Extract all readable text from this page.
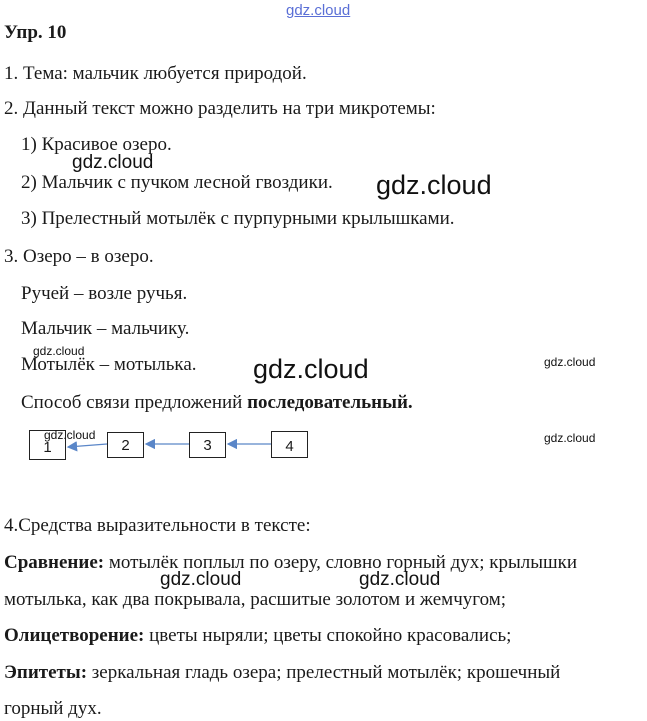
gdz.cloud
Упр. 10
1. Тема: мальчик любуется природой.
2. Данный текст можно разделить на три микротемы:
1) Красивое озеро.
2) Мальчик с пучком лесной гвоздики.
3) Прелестный мотылёк с пурпурными крылышками.
3. Озеро – в озеро.
Ручей – возле ручья.
Мальчик – мальчику.
Мотылёк – мотылька.
Способ связи предложений последовательный.
1	2	3	4
4.Средства выразительности в тексте:
Сравнение: мотылёк поплыл по озеру, словно горный дух; крылышки
мотылька, как два покрывала, расшитые золотом и жемчугом;
Олицетворение: цветы ныряли; цветы спокойно красовались;
Эпитеты: зеркальная гладь озера; прелестный мотылёк; крошечный
горный дух.
gdz.cloud
gdz.cloud
gdz.cloud
gdz.cloud	gdz.cloud
gdz.cloud	gdz.cloud
gdz.cloud	gdz.cloud
